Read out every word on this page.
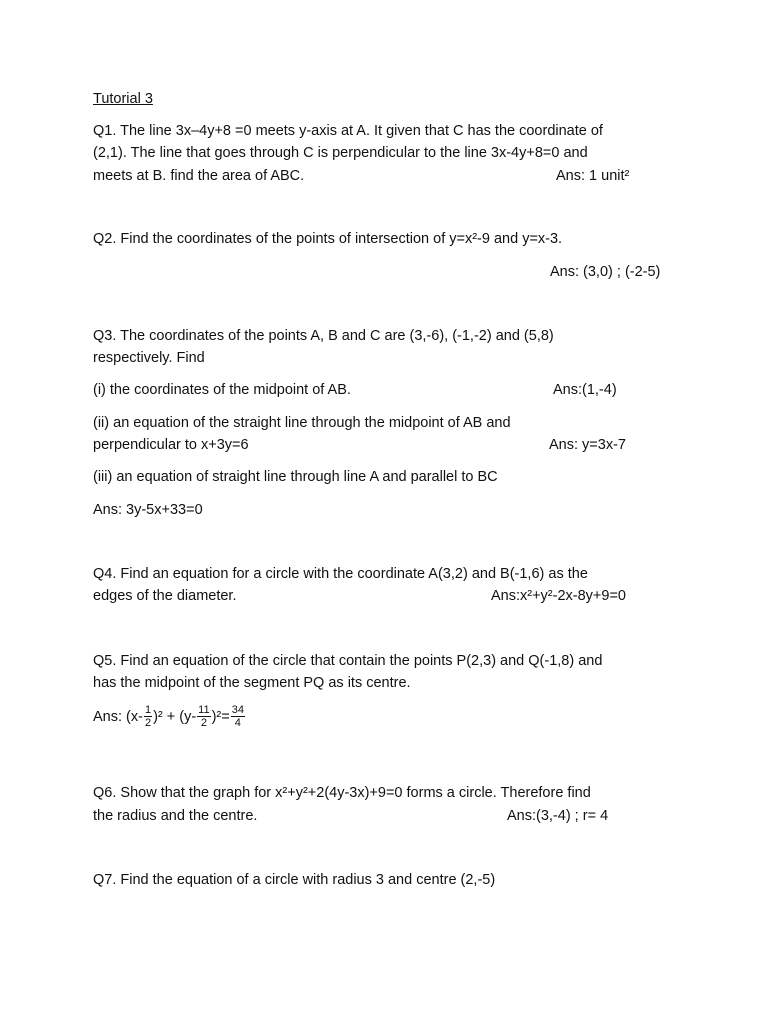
Tutorial 3
Q1. The line 3x–4y+8 =0 meets y-axis at A. It given that C has the coordinate of
(2,1). The line that goes through C is perpendicular to the line 3x-4y+8=0 and
meets at B. find the area of ABC.	Ans: 1 unit²
Q2. Find the coordinates of the points of intersection of y=x²-9 and y=x-3.
Ans: (3,0) ; (-2-5)
Q3. The coordinates of the points A, B and C are (3,-6), (-1,-2) and (5,8)
respectively. Find
(i) the coordinates of the midpoint of AB.	Ans:(1,-4)
(ii) an equation of the straight line through the midpoint of AB and
perpendicular to x+3y=6	Ans: y=3x-7
(iii) an equation of straight line through line A and parallel to BC
Ans: 3y-5x+33=0
Q4. Find an equation for a circle with the coordinate A(3,2) and B(-1,6) as the
edges of the diameter.	Ans:x²+y²-2x-8y+9=0
Q5. Find an equation of the circle that contain the points P(2,3) and Q(-1,8) and
has the midpoint of the segment PQ as its centre.
Ans: $(x- \frac{1}{2} )^2 + (y- \frac{11}{2} )^2= \frac{34}{4}$
Q6. Show that the graph for x²+y²+2(4y-3x)+9=0 forms a circle. Therefore find
the radius and the centre.	Ans:(3,-4) ; r= 4
Q7. Find the equation of a circle with radius 3 and centre (2,-5)
